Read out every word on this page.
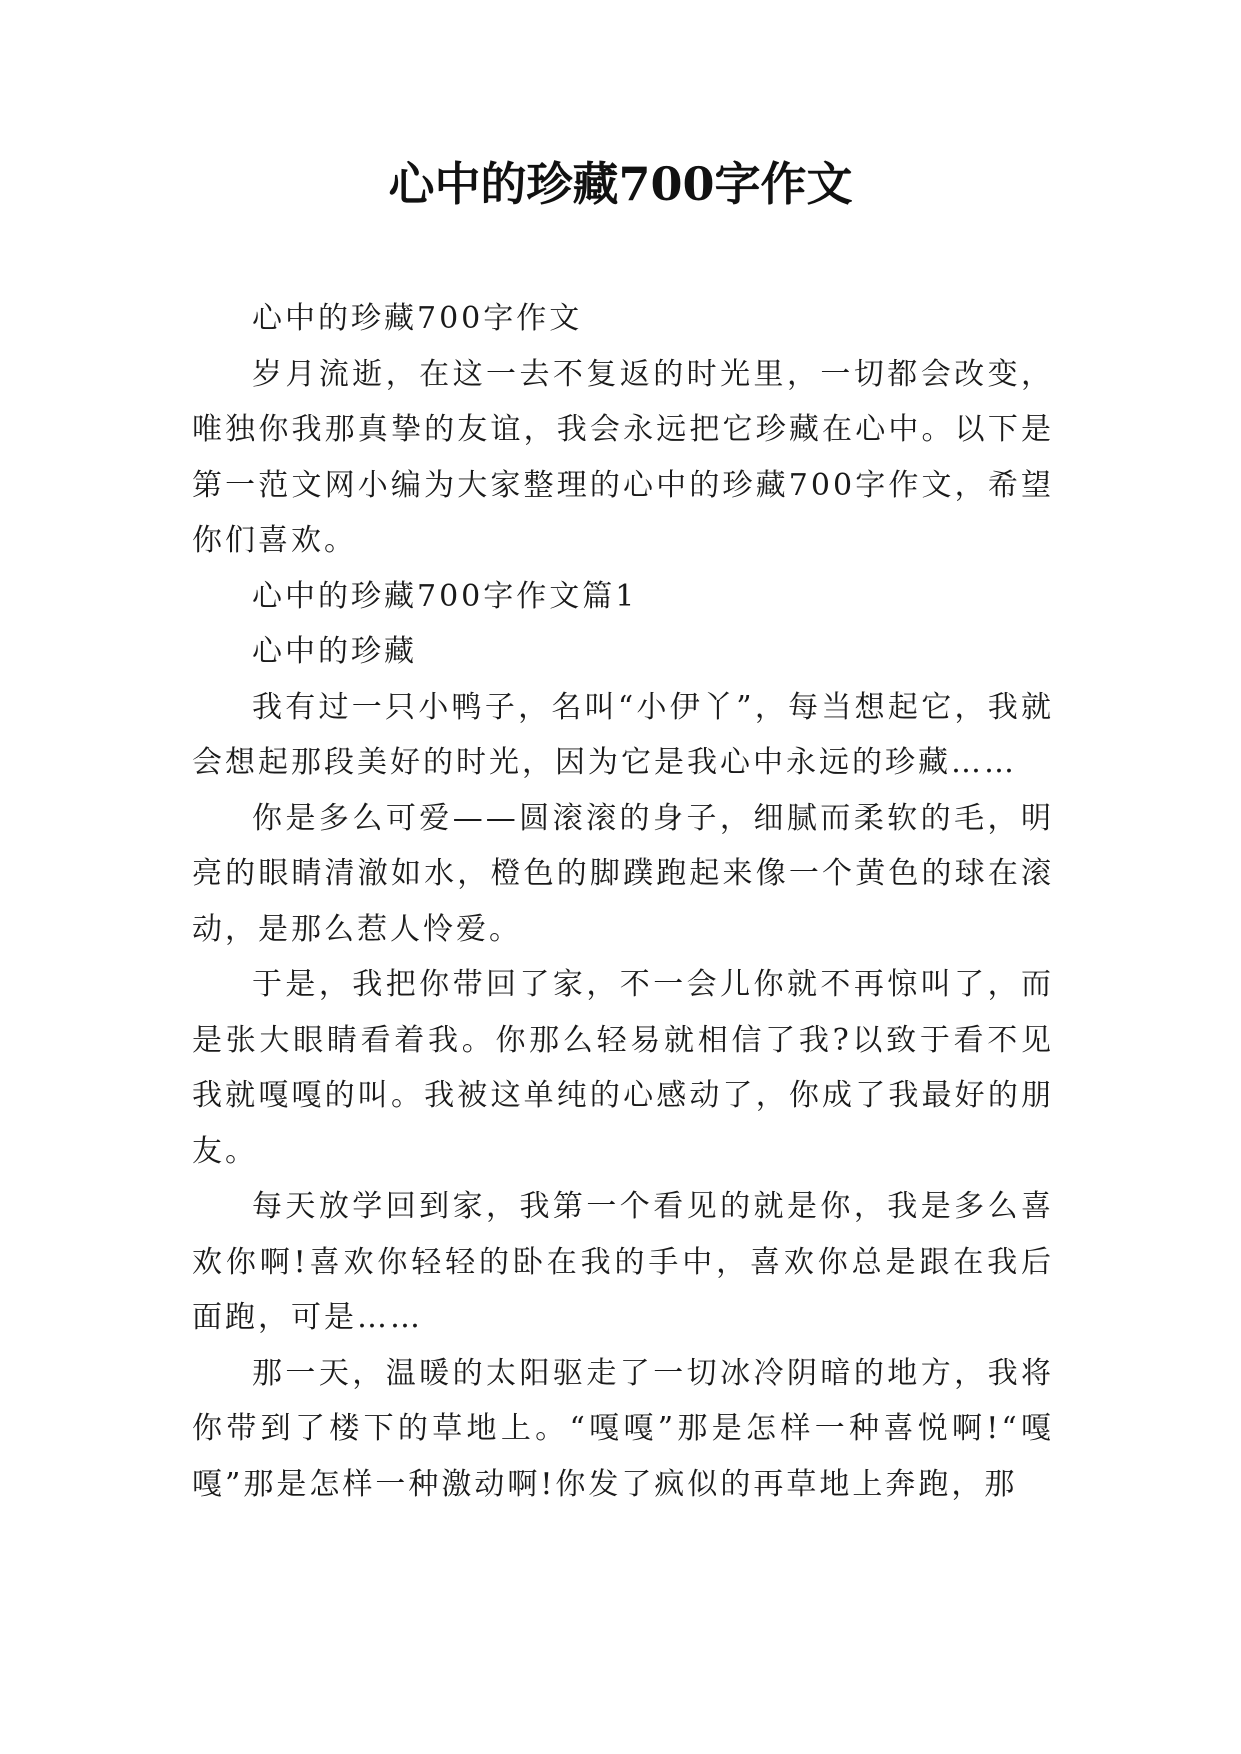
心中的珍藏700字作文

心中的珍藏700字作文

岁月流逝，在这一去不复返的时光里，一切都会改变，唯独你我那真挚的友谊，我会永远把它珍藏在心中。以下是第一范文网小编为大家整理的心中的珍藏700字作文，希望你们喜欢。

心中的珍藏700字作文篇1

心中的珍藏

我有过一只小鸭子，名叫“小伊丫”，每当想起它，我就会想起那段美好的时光，因为它是我心中永远的珍藏……

你是多么可爱——圆滚滚的身子，细腻而柔软的毛，明亮的眼睛清澈如水，橙色的脚蹼跑起来像一个黄色的球在滚动，是那么惹人怜爱。

于是，我把你带回了家，不一会儿你就不再惊叫了，而是张大眼睛看着我。你那么轻易就相信了我?以致于看不见我就嘎嘎的叫。我被这单纯的心感动了，你成了我最好的朋友。

每天放学回到家，我第一个看见的就是你，我是多么喜欢你啊!喜欢你轻轻的卧在我的手中，喜欢你总是跟在我后面跑，可是……

那一天，温暖的太阳驱走了一切冰冷阴暗的地方，我将你带到了楼下的草地上。“嘎嘎”那是怎样一种喜悦啊!“嘎嘎”那是怎样一种激动啊!你发了疯似的再草地上奔跑，那
